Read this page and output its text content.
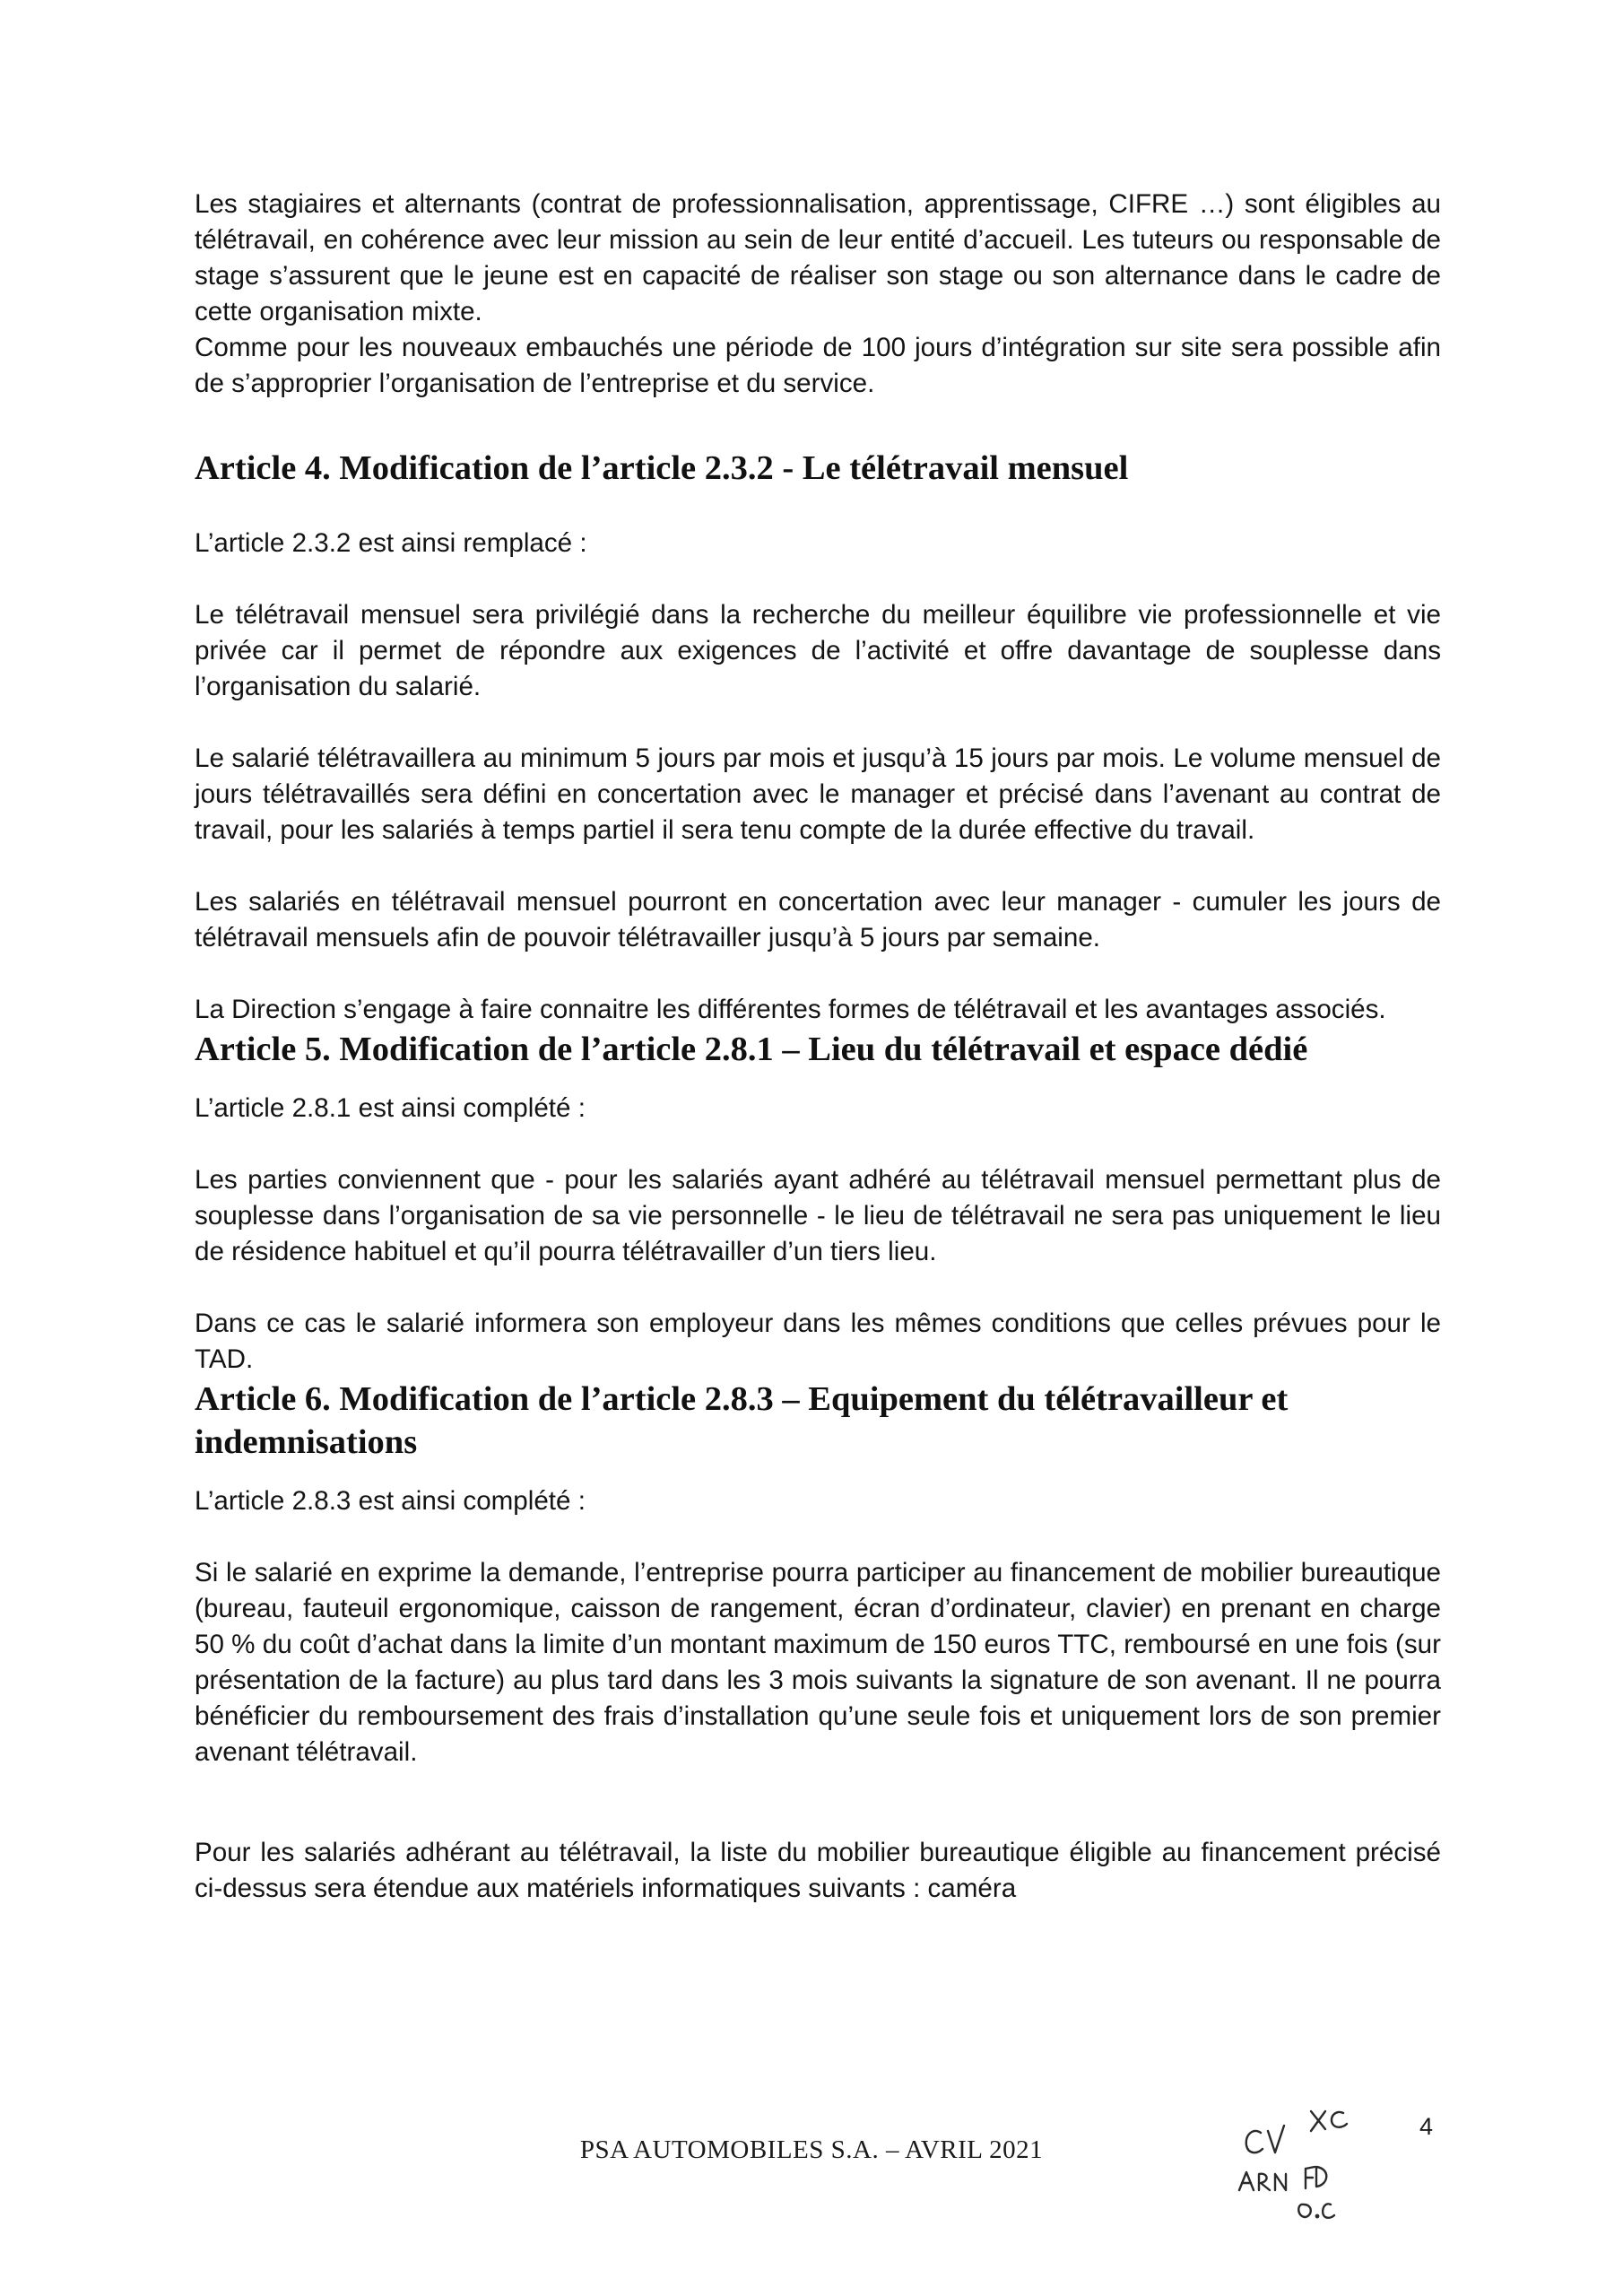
Les stagiaires et alternants (contrat de professionnalisation, apprentissage, CIFRE …) sont éligibles au télétravail, en cohérence avec leur mission au sein de leur entité d’accueil. Les tuteurs ou responsable de stage s’assurent que le jeune est en capacité de réaliser son stage ou son alternance dans le cadre de cette organisation mixte.

Comme pour les nouveaux embauchés une période de 100 jours d’intégration sur site sera possible afin de s’approprier l’organisation de l’entreprise et du service.

Article 4. Modification de l’article 2.3.2 - Le télétravail mensuel

L’article 2.3.2 est ainsi remplacé :

Le télétravail mensuel sera privilégié dans la recherche du meilleur équilibre vie professionnelle et vie privée car il permet de répondre aux exigences de l’activité et offre davantage de souplesse dans l’organisation du salarié.

Le salarié télétravaillera au minimum 5 jours par mois et jusqu’à 15 jours par mois. Le volume mensuel de jours télétravaillés sera défini en concertation avec le manager et précisé dans l’avenant au contrat de travail, pour les salariés à temps partiel il sera tenu compte de la durée effective du travail.

Les salariés en télétravail mensuel pourront en concertation avec leur manager - cumuler les jours de télétravail mensuels afin de pouvoir télétravailler jusqu’à 5 jours par semaine.

La Direction s’engage à faire connaitre les différentes formes de télétravail et les avantages associés.

Article 5. Modification de l’article 2.8.1 – Lieu du télétravail et espace dédié

L’article 2.8.1 est ainsi complété :

Les parties conviennent que - pour les salariés ayant adhéré au télétravail mensuel permettant plus de souplesse dans l’organisation de sa vie personnelle - le lieu de télétravail ne sera pas uniquement le lieu de résidence habituel et qu’il pourra télétravailler d’un tiers lieu.

Dans ce cas le salarié informera son employeur dans les mêmes conditions que celles prévues pour le TAD.

Article 6. Modification de l’article 2.8.3 – Equipement du télétravailleur et indemnisations

L’article 2.8.3 est ainsi complété :

Si le salarié en exprime la demande, l’entreprise pourra participer au financement de mobilier bureautique (bureau, fauteuil ergonomique, caisson de rangement, écran d’ordinateur, clavier) en prenant en charge 50 % du coût d’achat dans la limite d’un montant maximum de 150 euros TTC, remboursé en une fois (sur présentation de la facture) au plus tard dans les 3 mois suivants la signature de son avenant. Il ne pourra bénéficier du remboursement des frais d’installation qu’une seule fois et uniquement lors de son premier avenant télétravail.

Pour les salariés adhérant au télétravail, la liste du mobilier bureautique éligible au financement précisé ci-dessus sera étendue aux matériels informatiques suivants : caméra

4
PSA AUTOMOBILES S.A. – AVRIL 2021
